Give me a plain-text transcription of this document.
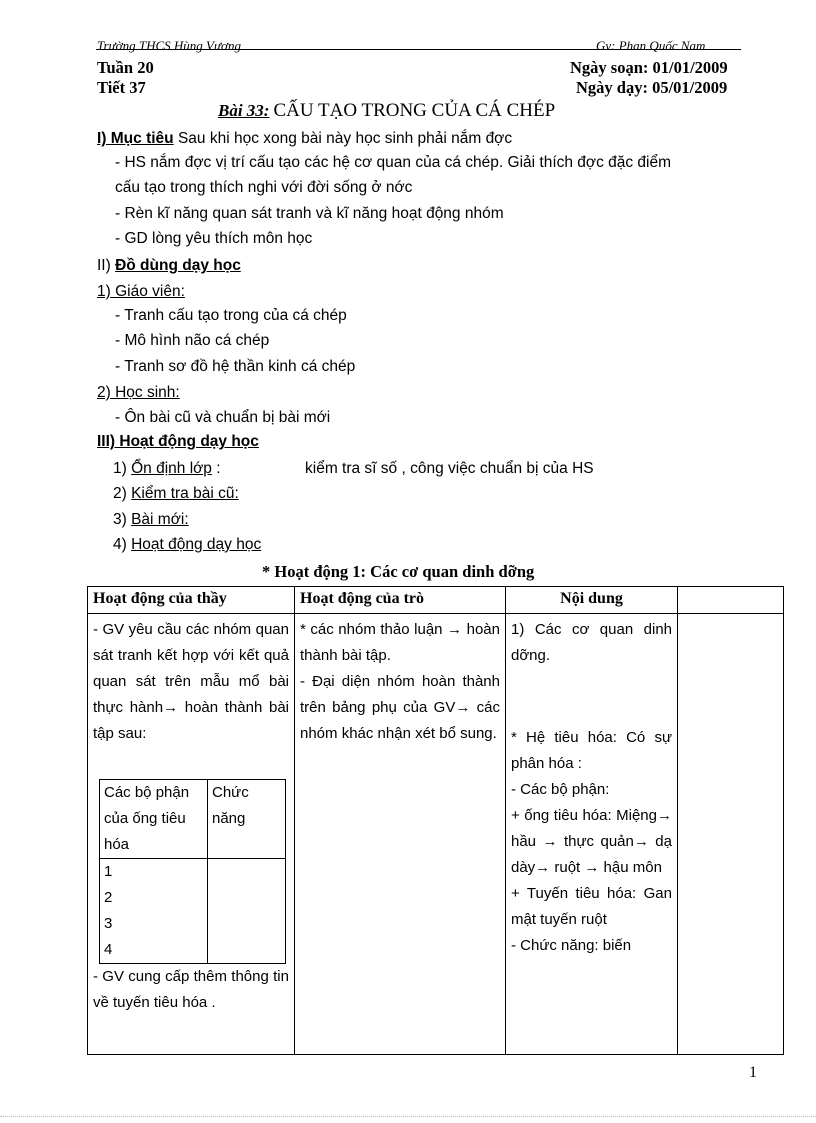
Trường THCS Hùng Vương	Gv: Phan Quốc Nam
Tuần 20
Tiết 37
Ngày soạn: 01/01/2009
Ngày dạy: 05/01/2009
Bài 33: CẤU TẠO TRONG CỦA CÁ CHÉP
I) Mục tiêu Sau khi học xong bài này học sinh phải nắm đợc
- HS nắm đợc vị trí cấu tạo các hệ cơ quan của cá chép. Giải thích đợc đặc điểm
cấu tạo trong thích nghi với đời sống ở nớc
- Rèn kĩ năng quan sát tranh và kĩ năng hoạt động nhóm
- GD lòng yêu thích môn học
II) Đồ dùng dạy học
1) Giáo viên:
- Tranh cấu tạo trong của cá chép
- Mô hình não cá chép
- Tranh sơ đồ hệ thần kinh cá chép
2) Học sinh:
- Ôn bài cũ và chuẩn bị bài mới
III) Hoạt động dạy học
1) Ổn định lớp :	kiểm tra sĩ số , công việc chuẩn bị của HS
2) Kiểm tra bài cũ:
3) Bài mới:
4) Hoạt động dạy học
* Hoạt động 1: Các cơ quan dinh dỡng
Hoạt động của thầy	Hoạt động của trò	Nội dung	

- GV yêu cầu các nhóm quan sát tranh kết hợp với kết quả quan sát trên mẫu mổ bài thực hành→ hoàn thành bài tập sau:
Các bộ phận của ống tiêu hóa	Chức năng

1
2
3
4

- GV cung cấp thêm thông tin về tuyến tiêu hóa .

* các nhóm thảo luận → hoàn thành bài tập.
- Đại diện nhóm hoàn thành trên bảng phụ của GV→ các nhóm khác nhận xét bổ sung.

1) Các cơ quan dinh dỡng.
* Hệ tiêu hóa: Có sự phân hóa :
- Các bộ phận:
+ ống tiêu hóa: Miệng→ hầu → thực quản→ dạ dày→ ruột → hậu môn
+ Tuyến tiêu hóa: Gan mật tuyến ruột
- Chức năng: biến

1
